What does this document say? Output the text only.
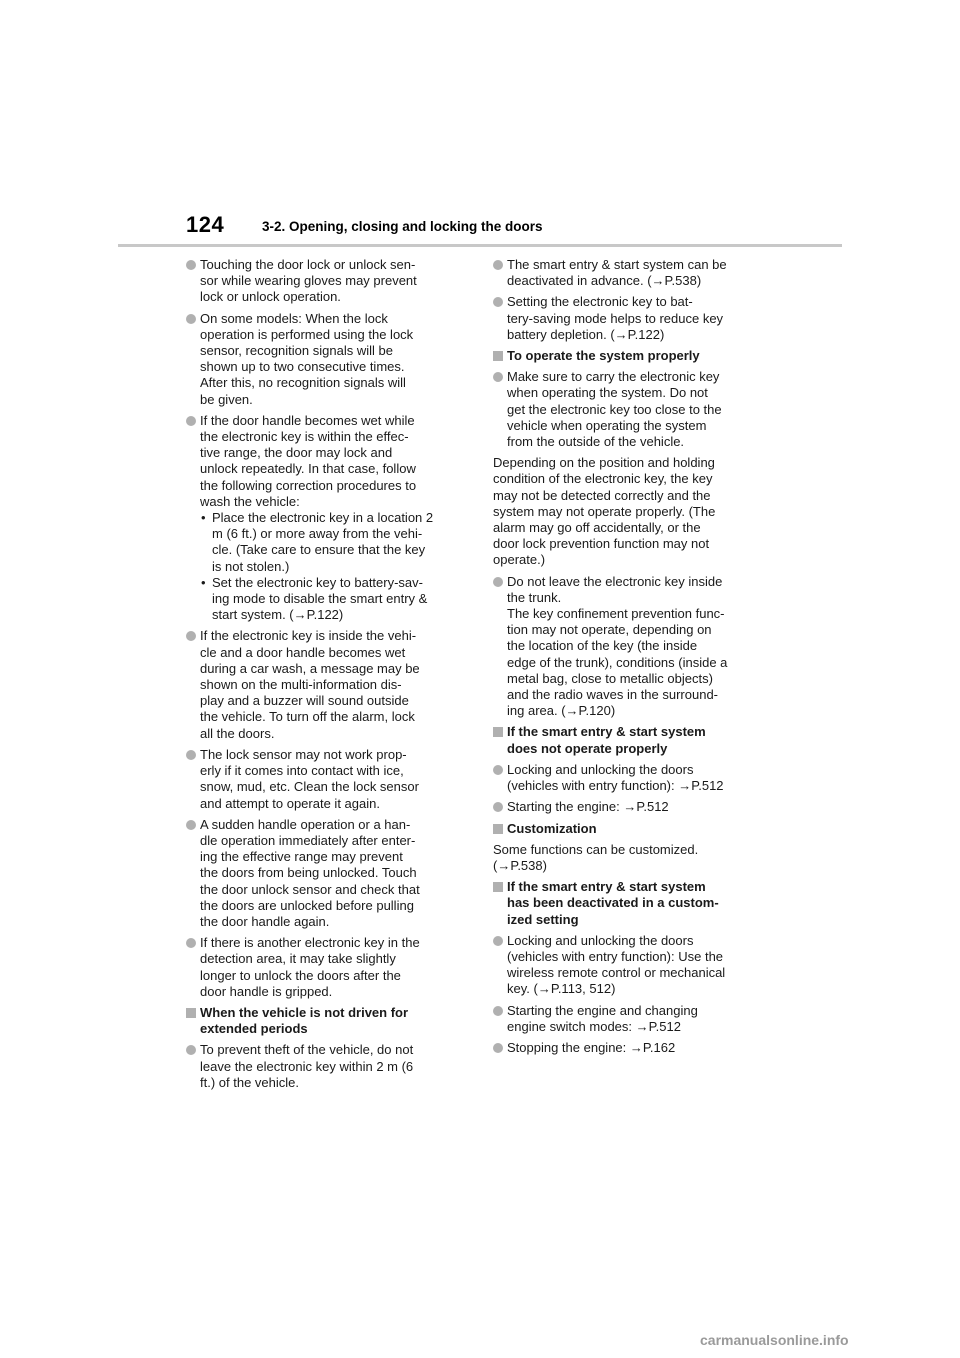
124	3-2. Opening, closing and locking the doors
Touching the door lock or unlock sen-
sor while wearing gloves may prevent
lock or unlock operation.
On some models: When the lock
operation is performed using the lock
sensor, recognition signals will be
shown up to two consecutive times.
After this, no recognition signals will
be given.
If the door handle becomes wet while
the electronic key is within the effec-
tive range, the door may lock and
unlock repeatedly. In that case, follow
the following correction procedures to
wash the vehicle:
• Place the electronic key in a location 2
m (6 ft.) or more away from the vehi-
cle. (Take care to ensure that the key
is not stolen.)
• Set the electronic key to battery-sav-
ing mode to disable the smart entry &
start system. (→P.122)
If the electronic key is inside the vehi-
cle and a door handle becomes wet
during a car wash, a message may be
shown on the multi-information dis-
play and a buzzer will sound outside
the vehicle. To turn off the alarm, lock
all the doors.
The lock sensor may not work prop-
erly if it comes into contact with ice,
snow, mud, etc. Clean the lock sensor
and attempt to operate it again.
A sudden handle operation or a han-
dle operation immediately after enter-
ing the effective range may prevent
the doors from being unlocked. Touch
the door unlock sensor and check that
the doors are unlocked before pulling
the door handle again.
If there is another electronic key in the
detection area, it may take slightly
longer to unlock the doors after the
door handle is gripped.
When the vehicle is not driven for
extended periods
To prevent theft of the vehicle, do not
leave the electronic key within 2 m (6
ft.) of the vehicle.
The smart entry & start system can be
deactivated in advance. (→P.538)
Setting the electronic key to bat-
tery-saving mode helps to reduce key
battery depletion. (→P.122)
To operate the system properly
Make sure to carry the electronic key
when operating the system. Do not
get the electronic key too close to the
vehicle when operating the system
from the outside of the vehicle.
Depending on the position and holding
condition of the electronic key, the key
may not be detected correctly and the
system may not operate properly. (The
alarm may go off accidentally, or the
door lock prevention function may not
operate.)
Do not leave the electronic key inside
the trunk.
The key confinement prevention func-
tion may not operate, depending on
the location of the key (the inside
edge of the trunk), conditions (inside a
metal bag, close to metallic objects)
and the radio waves in the surround-
ing area. (→P.120)
If the smart entry & start system
does not operate properly
Locking and unlocking the doors
(vehicles with entry function): →P.512
Starting the engine: →P.512
Customization
Some functions can be customized.
(→P.538)
If the smart entry & start system
has been deactivated in a custom-
ized setting
Locking and unlocking the doors
(vehicles with entry function): Use the
wireless remote control or mechanical
key. (→P.113, 512)
Starting the engine and changing
engine switch modes: →P.512
Stopping the engine: →P.162
carmanualsonline.info
